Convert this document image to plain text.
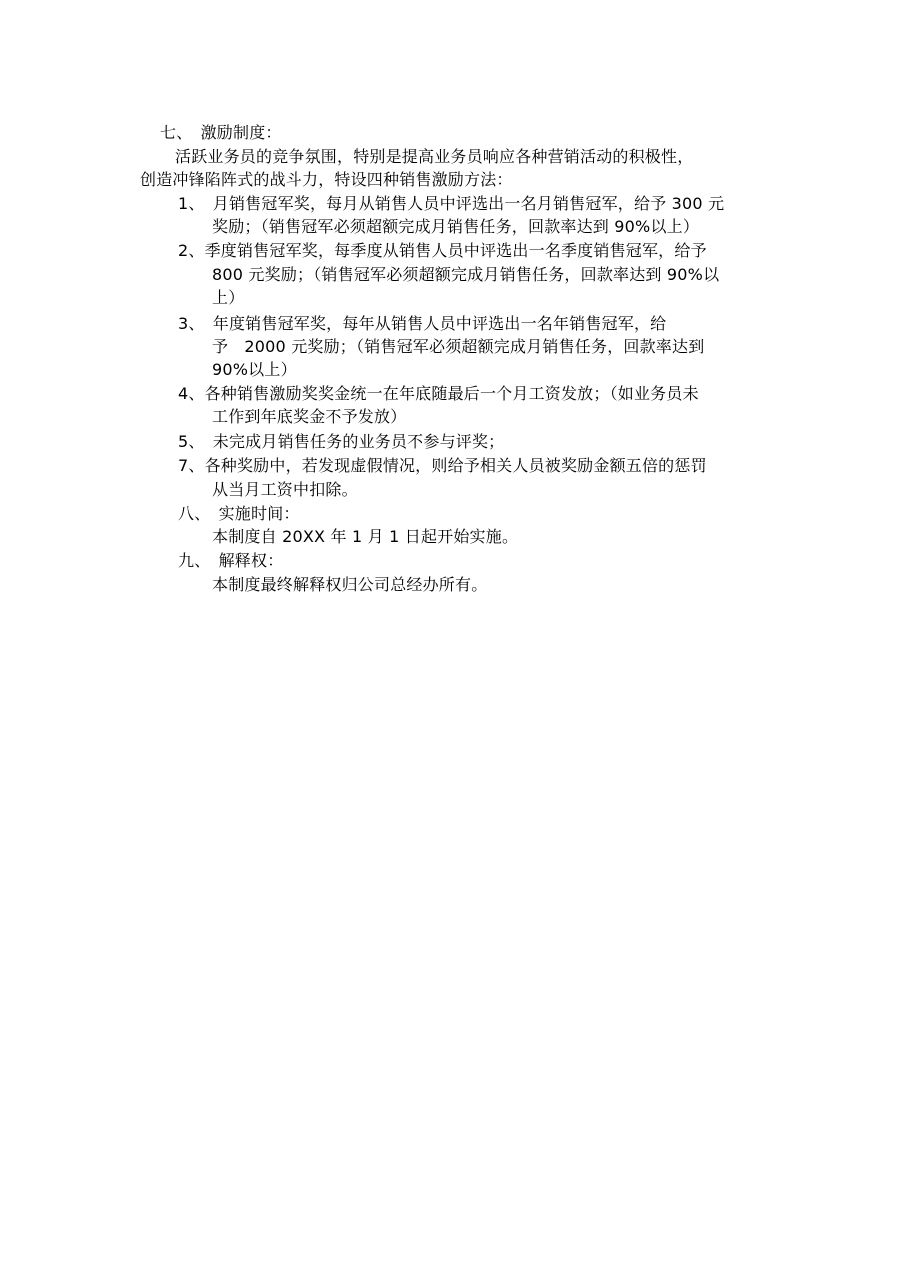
七、　激励制度：
活跃业务员的竞争氛围，特别是提高业务员响应各种营销活动的积极性，
创造冲锋陷阵式的战斗力，特设四种销售激励方法：
1、　月销售冠军奖，每月从销售人员中评选出一名月销售冠军，给予 300 元
奖励；（销售冠军必须超额完成月销售任务，回款率达到 90%以上）
2、季度销售冠军奖，每季度从销售人员中评选出一名季度销售冠军，给予
800 元奖励；（销售冠军必须超额完成月销售任务，回款率达到 90%以
上）
3、　年度销售冠军奖，每年从销售人员中评选出一名年销售冠军，给
予　2000 元奖励；（销售冠军必须超额完成月销售任务，回款率达到
90%以上）
4、各种销售激励奖奖金统一在年底随最后一个月工资发放；（如业务员未
工作到年底奖金不予发放）
5、　未完成月销售任务的业务员不参与评奖；
7、各种奖励中，若发现虚假情况，则给予相关人员被奖励金额五倍的惩罚
从当月工资中扣除。
八、　实施时间：
本制度自 20XX 年 1 月 1 日起开始实施。
九、　解释权：
本制度最终解释权归公司总经办所有。
